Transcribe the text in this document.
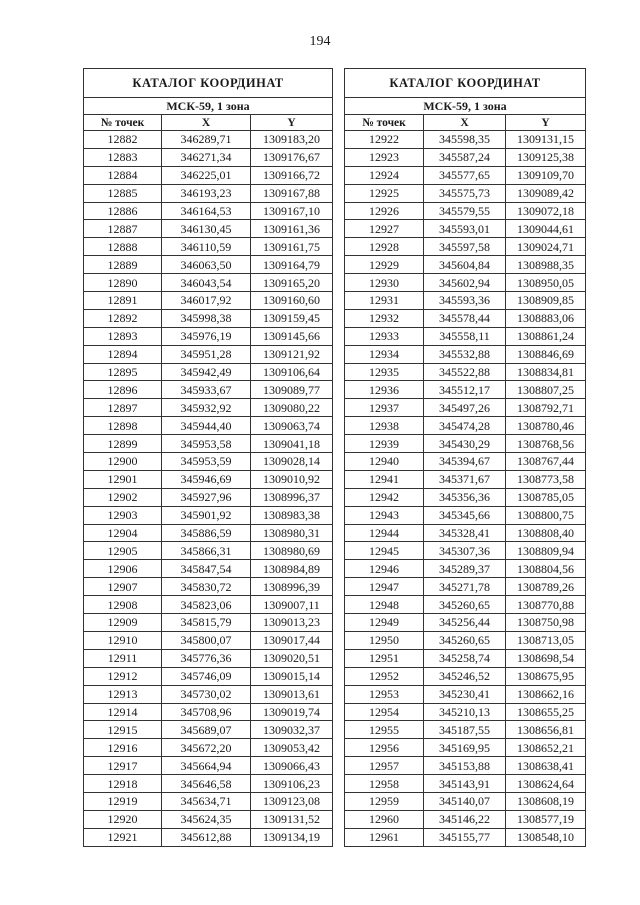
194
КАТАЛОГ КООРДИНАТ		
МСК-59, 1 зона		
№ точек	X	Y
12882	346289,71	1309183,20
12883	346271,34	1309176,67
12884	346225,01	1309166,72
12885	346193,23	1309167,88
12886	346164,53	1309167,10
12887	346130,45	1309161,36
12888	346110,59	1309161,75
12889	346063,50	1309164,79
12890	346043,54	1309165,20
12891	346017,92	1309160,60
12892	345998,38	1309159,45
12893	345976,19	1309145,66
12894	345951,28	1309121,92
12895	345942,49	1309106,64
12896	345933,67	1309089,77
12897	345932,92	1309080,22
12898	345944,40	1309063,74
12899	345953,58	1309041,18
12900	345953,59	1309028,14
12901	345946,69	1309010,92
12902	345927,96	1308996,37
12903	345901,92	1308983,38
12904	345886,59	1308980,31
12905	345866,31	1308980,69
12906	345847,54	1308984,89
12907	345830,72	1308996,39
12908	345823,06	1309007,11
12909	345815,79	1309013,23
12910	345800,07	1309017,44
12911	345776,36	1309020,51
12912	345746,09	1309015,14
12913	345730,02	1309013,61
12914	345708,96	1309019,74
12915	345689,07	1309032,37
12916	345672,20	1309053,42
12917	345664,94	1309066,43
12918	345646,58	1309106,23
12919	345634,71	1309123,08
12920	345624,35	1309131,52
12921	345612,88	1309134,19
КАТАЛОГ КООРДИНАТ		
МСК-59, 1 зона		
№ точек	X	Y
12922	345598,35	1309131,15
12923	345587,24	1309125,38
12924	345577,65	1309109,70
12925	345575,73	1309089,42
12926	345579,55	1309072,18
12927	345593,01	1309044,61
12928	345597,58	1309024,71
12929	345604,84	1308988,35
12930	345602,94	1308950,05
12931	345593,36	1308909,85
12932	345578,44	1308883,06
12933	345558,11	1308861,24
12934	345532,88	1308846,69
12935	345522,88	1308834,81
12936	345512,17	1308807,25
12937	345497,26	1308792,71
12938	345474,28	1308780,46
12939	345430,29	1308768,56
12940	345394,67	1308767,44
12941	345371,67	1308773,58
12942	345356,36	1308785,05
12943	345345,66	1308800,75
12944	345328,41	1308808,40
12945	345307,36	1308809,94
12946	345289,37	1308804,56
12947	345271,78	1308789,26
12948	345260,65	1308770,88
12949	345256,44	1308750,98
12950	345260,65	1308713,05
12951	345258,74	1308698,54
12952	345246,52	1308675,95
12953	345230,41	1308662,16
12954	345210,13	1308655,25
12955	345187,55	1308656,81
12956	345169,95	1308652,21
12957	345153,88	1308638,41
12958	345143,91	1308624,64
12959	345140,07	1308608,19
12960	345146,22	1308577,19
12961	345155,77	1308548,10
